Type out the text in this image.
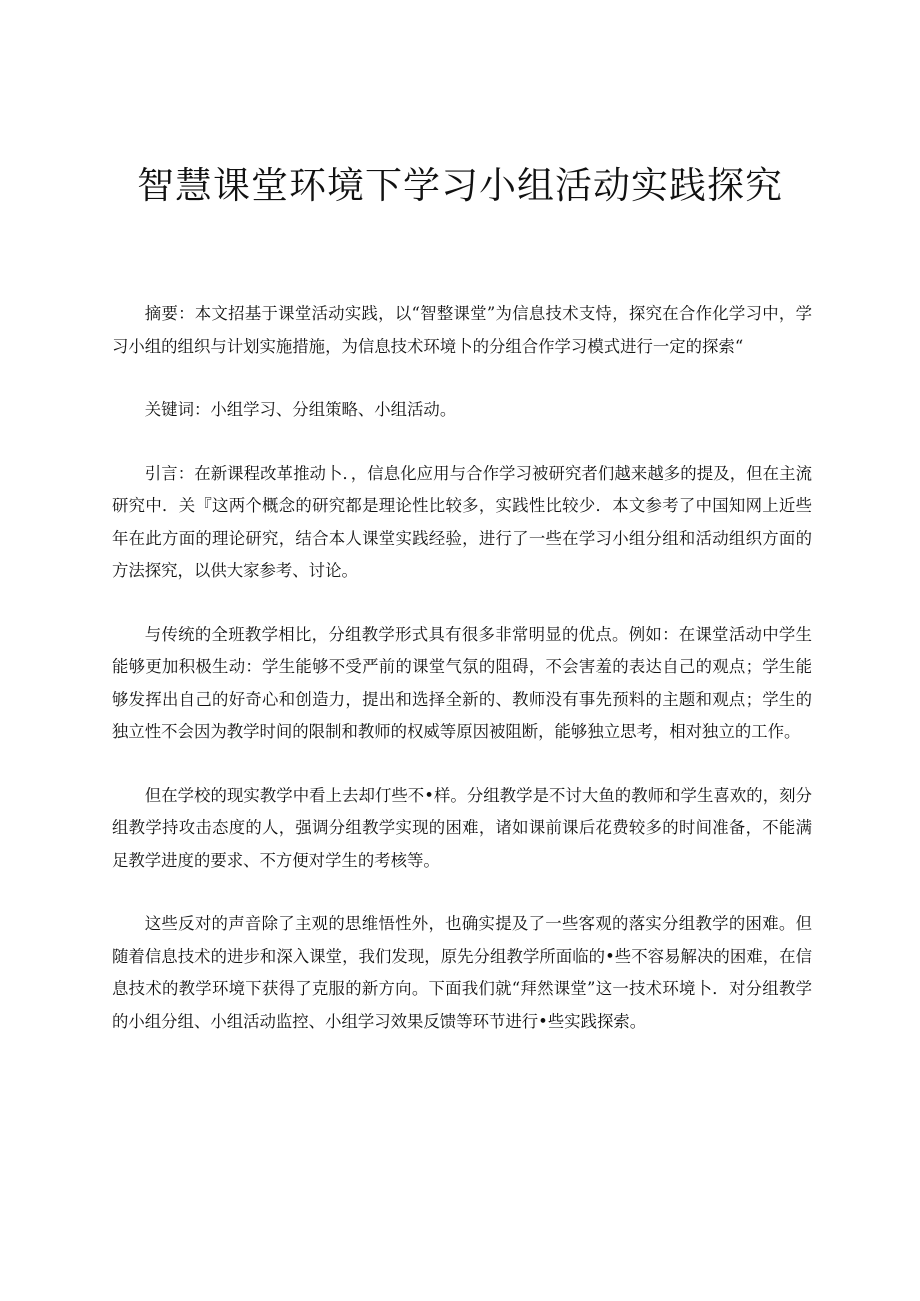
智慧课堂环境下学习小组活动实践探究

摘要：本文招基于课堂活动实践，以“智整课堂”为信息技术支恃，探究在合作化学习中，学习小组的组织与计划实施措施，为信息技术环境卜的分组合作学习模式进行一定的探索“

关键词：小组学习、分组策略、小组活动。

引言：在新课程改革推动卜．，信息化应用与合作学习被研究者们越来越多的提及，但在主流研究中．关『这两个概念的研究都是理论性比较多，实践性比较少．本文参考了中国知网上近些年在此方面的理论研究，结合本人课堂实践经验，进行了一些在学习小组分组和活动组织方面的方法探究，以供大家参考、讨论。

与传统的全班教学相比，分组教学形式具有很多非常明显的优点。例如：在课堂活动中学生能够更加积极生动：学生能够不受严前的课堂气氛的阻碍，不会害羞的表达自己的观点；学生能够发挥出自己的好奇心和创造力，提出和选择全新的、教师没有事先预料的主题和观点；学生的独立性不会因为教学时间的限制和教师的权威等原因被阻断，能够独立思考，相对独立的工作。

但在学校的现实教学中看上去却仃些不•样。分组教学是不讨大鱼的教师和学生喜欢的，刻分组教学持攻击态度的人，强调分组教学实现的困难，诸如课前课后花费较多的时间准备，不能满足教学进度的要求、不方便对学生的考核等。

这些反对的声音除了主观的思维悟性外，也确实提及了一些客观的落实分组教学的困难。但随着信息技术的进步和深入课堂，我们发现，原先分组教学所面临的•些不容易解决的困难，在信息技术的教学环境下获得了克服的新方向。下面我们就“拜然课堂”这一技术环境卜．对分组教学的小组分组、小组活动监控、小组学习效果反馈等环节进行•些实践探索。
